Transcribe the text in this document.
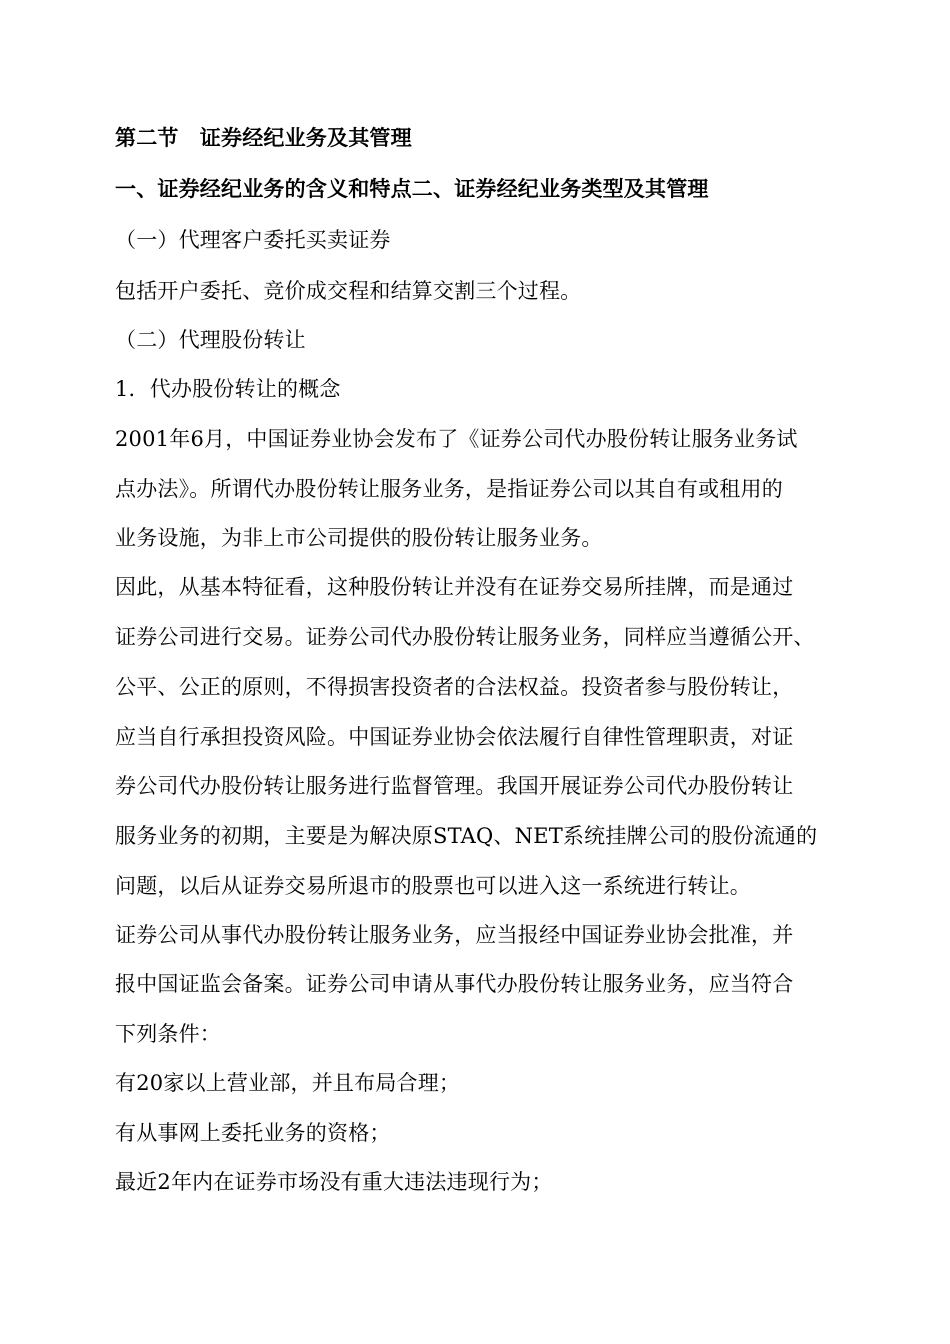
第二节　证券经纪业务及其管理
一、证券经纪业务的含义和特点二、证券经纪业务类型及其管理
（一）代理客户委托买卖证券
包括开户委托、竞价成交程和结算交割三个过程。
（二）代理股份转让
1．代办股份转让的概念
2001年6月，中国证券业协会发布了《证券公司代办股份转让服务业务试
点办法》。所谓代办股份转让服务业务，是指证券公司以其自有或租用的
业务设施，为非上市公司提供的股份转让服务业务。
因此，从基本特征看，这种股份转让并没有在证券交易所挂牌，而是通过
证券公司进行交易。证券公司代办股份转让服务业务，同样应当遵循公开、
公平、公正的原则，不得损害投资者的合法权益。投资者参与股份转让，
应当自行承担投资风险。中国证券业协会依法履行自律性管理职责，对证
券公司代办股份转让服务进行监督管理。我国开展证券公司代办股份转让
服务业务的初期，主要是为解决原STAQ、NET系统挂牌公司的股份流通的
问题，以后从证券交易所退市的股票也可以进入这一系统进行转让。
证券公司从事代办股份转让服务业务，应当报经中国证券业协会批准，并
报中国证监会备案。证券公司申请从事代办股份转让服务业务，应当符合
下列条件：
有20家以上营业部，并且布局合理；
有从事网上委托业务的资格；
最近2年内在证券市场没有重大违法违现行为；
